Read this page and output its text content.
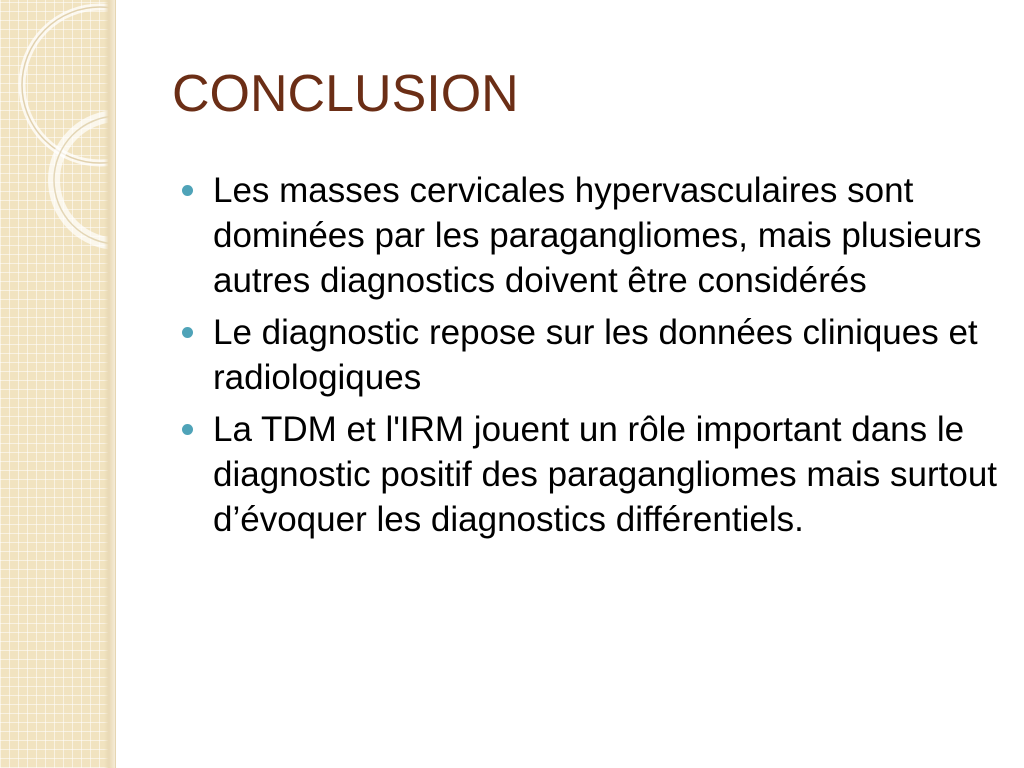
CONCLUSION
Les masses cervicales hypervasculaires sont dominées par les paragangliomes, mais plusieurs autres diagnostics doivent être considérés
Le diagnostic repose sur les données cliniques et radiologiques
La TDM et l'IRM jouent un rôle important dans le diagnostic positif des paragangliomes mais surtout d’évoquer les diagnostics différentiels.
